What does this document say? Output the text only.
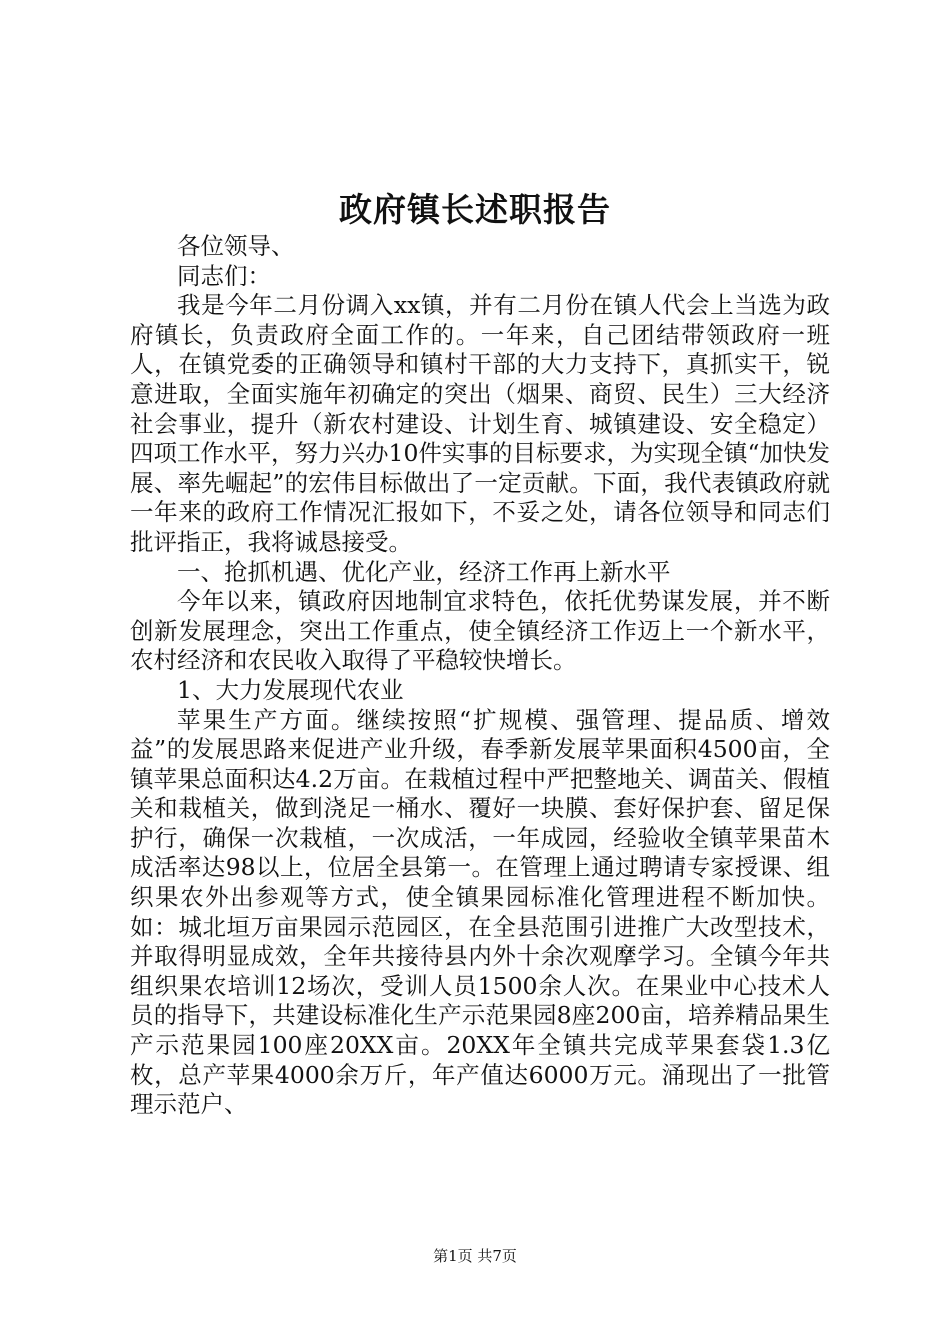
政府镇长述职报告

各位领导、

同志们：

我是今年二月份调入xx镇，并有二月份在镇人代会上当选为政府镇长，负责政府全面工作的。一年来，自己团结带领政府一班人，在镇党委的正确领导和镇村干部的大力支持下，真抓实干，锐意进取，全面实施年初确定的突出（烟果、商贸、民生）三大经济社会事业，提升（新农村建设、计划生育、城镇建设、安全稳定）四项工作水平，努力兴办10件实事的目标要求，为实现全镇“加快发展、率先崛起”的宏伟目标做出了一定贡献。下面，我代表镇政府就一年来的政府工作情况汇报如下，不妥之处，请各位领导和同志们批评指正，我将诚恳接受。

一、抢抓机遇、优化产业，经济工作再上新水平

今年以来，镇政府因地制宜求特色，依托优势谋发展，并不断创新发展理念，突出工作重点，使全镇经济工作迈上一个新水平，农村经济和农民收入取得了平稳较快增长。

1、大力发展现代农业

苹果生产方面。继续按照“扩规模、强管理、提品质、增效益”的发展思路来促进产业升级，春季新发展苹果面积4500亩，全镇苹果总面积达4.2万亩。在栽植过程中严把整地关、调苗关、假植关和栽植关，做到浇足一桶水、覆好一块膜、套好保护套、留足保护行，确保一次栽植，一次成活，一年成园，经验收全镇苹果苗木成活率达98以上，位居全县第一。在管理上通过聘请专家授课、组织果农外出参观等方式，使全镇果园标准化管理进程不断加快。如：城北垣万亩果园示范园区，在全县范围引进推广大改型技术，并取得明显成效，全年共接待县内外十余次观摩学习。全镇今年共组织果农培训12场次，受训人员1500余人次。在果业中心技术人员的指导下，共建设标准化生产示范果园8座200亩，培养精品果生产示范果园100座20XX亩。20XX年全镇共完成苹果套袋1.3亿枚，总产苹果4000余万斤，年产值达6000万元。涌现出了一批管理示范户、

第1页 共7页
